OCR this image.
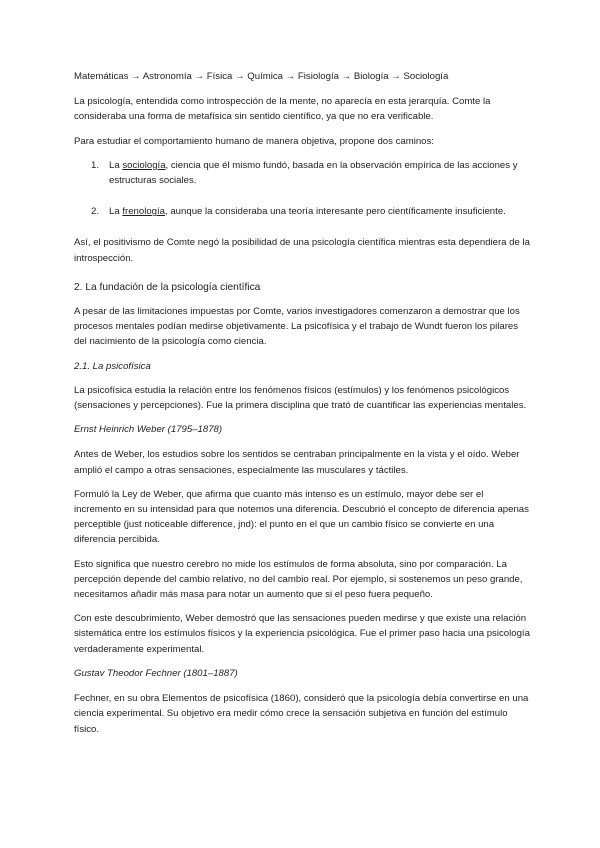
Matemáticas → Astronomía → Física → Química → Fisiología → Biología → Sociología

La psicología, entendida como introspección de la mente, no aparecía en esta jerarquía. Comte la consideraba una forma de metafísica sin sentido científico, ya que no era verificable.

Para estudiar el comportamiento humano de manera objetiva, propone dos caminos:

1. La sociología, ciencia que él mismo fundó, basada en la observación empírica de las acciones y estructuras sociales.
2. La frenología, aunque la consideraba una teoría interesante pero científicamente insuficiente.

Así, el positivismo de Comte negó la posibilidad de una psicología científica mientras esta dependiera de la introspección.

2. La fundación de la psicología científica

A pesar de las limitaciones impuestas por Comte, varios investigadores comenzaron a demostrar que los procesos mentales podían medirse objetivamente. La psicofísica y el trabajo de Wundt fueron los pilares del nacimiento de la psicología como ciencia.

2.1. La psicofísica

La psicofísica estudia la relación entre los fenómenos físicos (estímulos) y los fenómenos psicológicos (sensaciones y percepciones). Fue la primera disciplina que trató de cuantificar las experiencias mentales.

Ernst Heinrich Weber (1795–1878)

Antes de Weber, los estudios sobre los sentidos se centraban principalmente en la vista y el oído. Weber amplió el campo a otras sensaciones, especialmente las musculares y táctiles.

Formuló la Ley de Weber, que afirma que cuanto más intenso es un estímulo, mayor debe ser el incremento en su intensidad para que notemos una diferencia. Descubrió el concepto de diferencia apenas perceptible (just noticeable difference, jnd): el punto en el que un cambio físico se convierte en una diferencia percibida.

Esto significa que nuestro cerebro no mide los estímulos de forma absoluta, sino por comparación. La percepción depende del cambio relativo, no del cambio real. Por ejemplo, si sostenemos un peso grande, necesitamos añadir más masa para notar un aumento que si el peso fuera pequeño.

Con este descubrimiento, Weber demostró que las sensaciones pueden medirse y que existe una relación sistemática entre los estímulos físicos y la experiencia psicológica. Fue el primer paso hacia una psicología verdaderamente experimental.

Gustav Theodor Fechner (1801–1887)

Fechner, en su obra Elementos de psicofísica (1860), consideró que la psicología debía convertirse en una ciencia experimental. Su objetivo era medir cómo crece la sensación subjetiva en función del estímulo físico.
